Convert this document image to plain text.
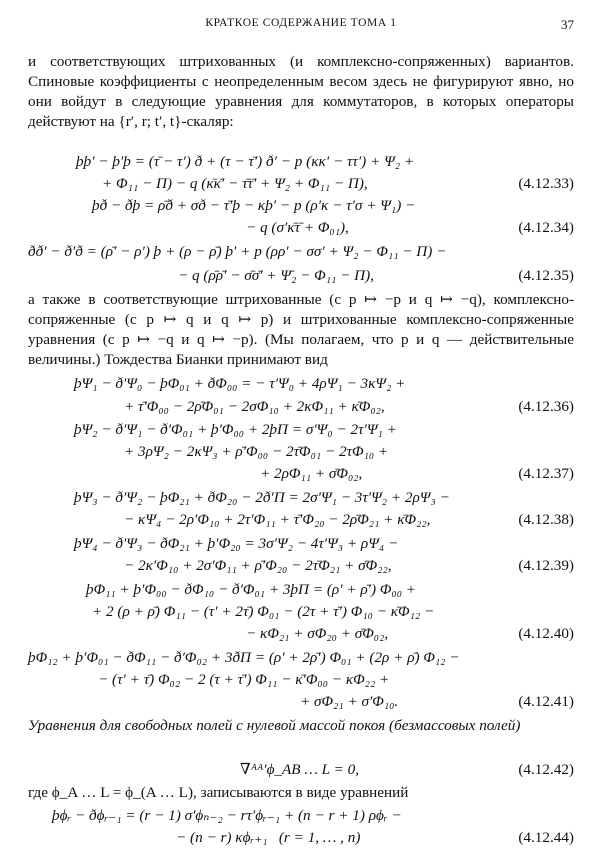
КРАТКОЕ СОДЕРЖАНИЕ ТОМА 1	37

и соответствующих штрихованных (и комплексно-сопряженных) вариантов. Спиновые коэффициенты с неопределенным весом здесь не фигурируют явно, но они войдут в следующие уравнения для коммутаторов, в которых операторы действуют на {r′, r; t′, t}-скаляр:

þþ′ − þ′þ = (τ̄ − τ′) ð + (τ − τ̄′) ð′ − p (κκ′ − ττ′) + Ψ₂ +
+ Φ₁₁ − Π) − q (κ̄κ̄′ − τ̄τ̄′ + Ψ₂ + Φ₁₁ − Π),	(4.12.33)
þð − ðþ = ρ̄ð + σð − τ̄′þ − κþ′ − p (ρ′κ − τ′σ + Ψ₁) −
− q (σ′κ̄τ̄ + Φ₀₁),	(4.12.34)
ðð′ − ð′ð = (ρ̄′ − ρ′) þ + (ρ − ρ̄) þ′ + p (ρρ′ − σσ′ + Ψ₂ − Φ₁₁ − Π) −
− q (ρ̄ρ̄′ − σ̄σ̄′ + Ψ̄₂ − Φ₁₁ − Π),	(4.12.35)

а также в соответствующие штрихованные (с p ↦ −p и q ↦ −q), комплексно-сопряженные (с p ↦ q и q ↦ p) и штрихованные комплексно-сопряженные уравнения (с p ↦ −q и q ↦ −p). (Мы полагаем, что p и q — действительные величины.) Тождества Бианки принимают вид

þΨ₁ − ð′Ψ₀ − þΦ₀₁ + ðΦ₀₀ = − τ′Ψ₀ + 4ρΨ₁ − 3κΨ₂ +
+ τ̄′Φ₀₀ − 2ρ̄Φ₀₁ − 2σΦ₁₀ + 2κΦ₁₁ + κ̄Φ₀₂,	(4.12.36)
þΨ₂ − ð′Ψ₁ − ð′Φ₀₁ + þ′Φ₀₀ + 2þΠ = σ′Ψ₀ − 2τ′Ψ₁ +
+ 3ρΨ₂ − 2κΨ₃ + ρ̄′Φ₀₀ − 2τ̄Φ₀₁ − 2τΦ₁₀ +
+ 2ρΦ₁₁ + σ̄Φ₀₂,	(4.12.37)
þΨ₃ − ð′Ψ₂ − þΦ₂₁ + ðΦ₂₀ − 2ð′Π = 2σ′Ψ₁ − 3τ′Ψ₂ + 2ρΨ₃ −
− κΨ₄ − 2ρ′Φ₁₀ + 2τ′Φ₁₁ + τ̄′Φ₂₀ − 2ρ̄Φ₂₁ + κ̄Φ₂₂,	(4.12.38)
þΨ₄ − ð′Ψ₃ − ðΦ₂₁ + þ′Φ₂₀ = 3σ′Ψ₂ − 4τ′Ψ₃ + ρΨ₄ −
− 2κ′Φ₁₀ + 2σ′Φ₁₁ + ρ̄′Φ₂₀ − 2τ̄Φ₂₁ + σ̄Φ₂₂,	(4.12.39)
þΦ₁₁ + þ′Φ₀₀ − ðΦ₁₀ − ð′Φ₀₁ + 3þΠ = (ρ′ + ρ̄′) Φ₀₀ +
+ 2 (ρ + ρ̄) Φ₁₁ − (τ′ + 2τ̄) Φ₀₁ − (2τ + τ̄′) Φ₁₀ − κ̄Φ₁₂ −
− κΦ₂₁ + σΦ₂₀ + σ̄Φ₀₂,	(4.12.40)
þΦ₁₂ + þ′Φ₀₁ − ðΦ₁₁ − ð′Φ₀₂ + 3ðΠ = (ρ′ + 2ρ̄′) Φ₀₁ + (2ρ + ρ̄) Φ₁₂ −
− (τ′ + τ̄) Φ₀₂ − 2 (τ + τ̄′) Φ₁₁ − κ̄′Φ₀₀ − κΦ₂₂ +
+ σΦ₂₁ + σ′Φ₁₀.	(4.12.41)

Уравнения для свободных полей с нулевой массой покоя (безмассовых полей)

∇ᴬᴬ′ϕ_AB … L = 0,	(4.12.42)

где ϕ_A … L = ϕ_(A … L), записываются в виде уравнений

þϕᵣ − ðϕᵣ₋₁ = (r − 1) σ′ϕₙ₋₂ − rτ′ϕᵣ₋₁ + (n − r + 1) ρϕᵣ −
− (n − r) κϕᵣ₊₁   (r = 1, … , n)	(4.12.44)
